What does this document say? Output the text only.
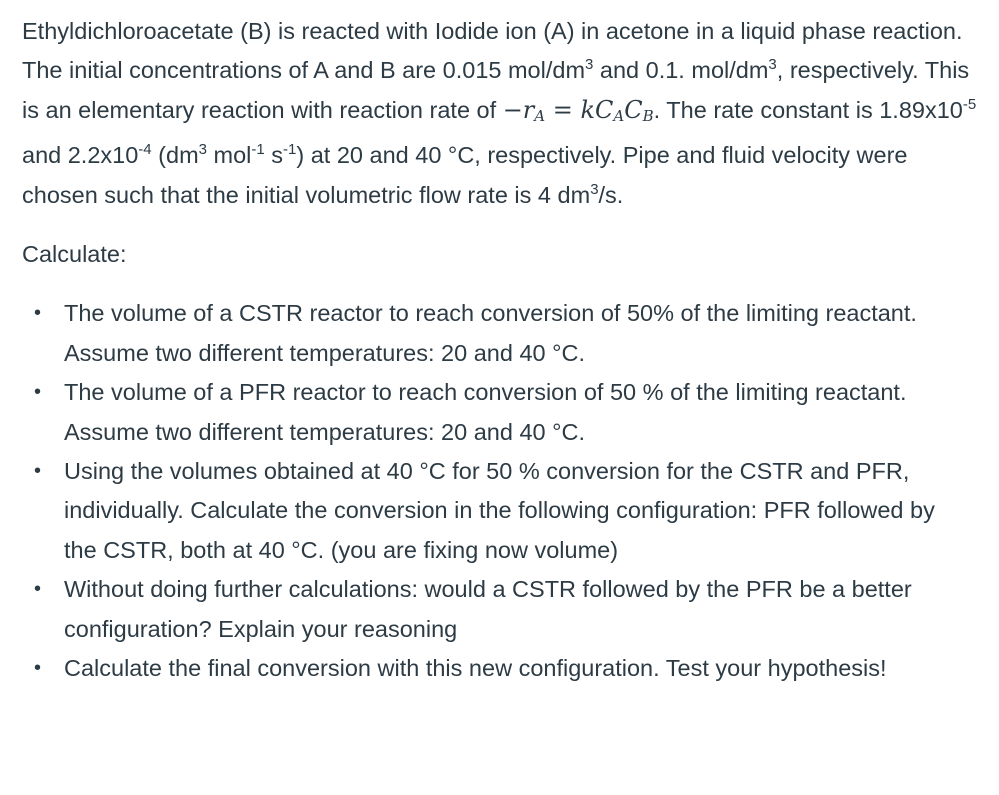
Ethyldichloroacetate (B) is reacted with Iodide ion (A) in acetone in a liquid phase reaction. The initial concentrations of A and B are 0.015 mol/$dm^3$ and 0.1. mol/$dm^3$, respectively. This is an elementary reaction with reaction rate of $-r_A = kC_AC_B$. The rate constant is $1.89x10^{-5}$ and $2.2x10^{-4}$ ($dm^3$ mol$^{-1}$ $s^{-1}$) at 20 and 40 °C, respectively. Pipe and fluid velocity were chosen such that the initial volumetric flow rate is 4 $dm^3/s$.

Calculate:

• The volume of a CSTR reactor to reach conversion of 50% of the limiting reactant. Assume two different temperatures: 20 and 40 °C.
• The volume of a PFR reactor to reach conversion of 50 % of the limiting reactant. Assume two different temperatures: 20 and 40 °C.
• Using the volumes obtained at 40 °C for 50 % conversion for the CSTR and PFR, individually. Calculate the conversion in the following configuration: PFR followed by the CSTR, both at 40 °C. (you are fixing now volume)
• Without doing further calculations: would a CSTR followed by the PFR be a better configuration? Explain your reasoning
• Calculate the final conversion with this new configuration. Test your hypothesis!
